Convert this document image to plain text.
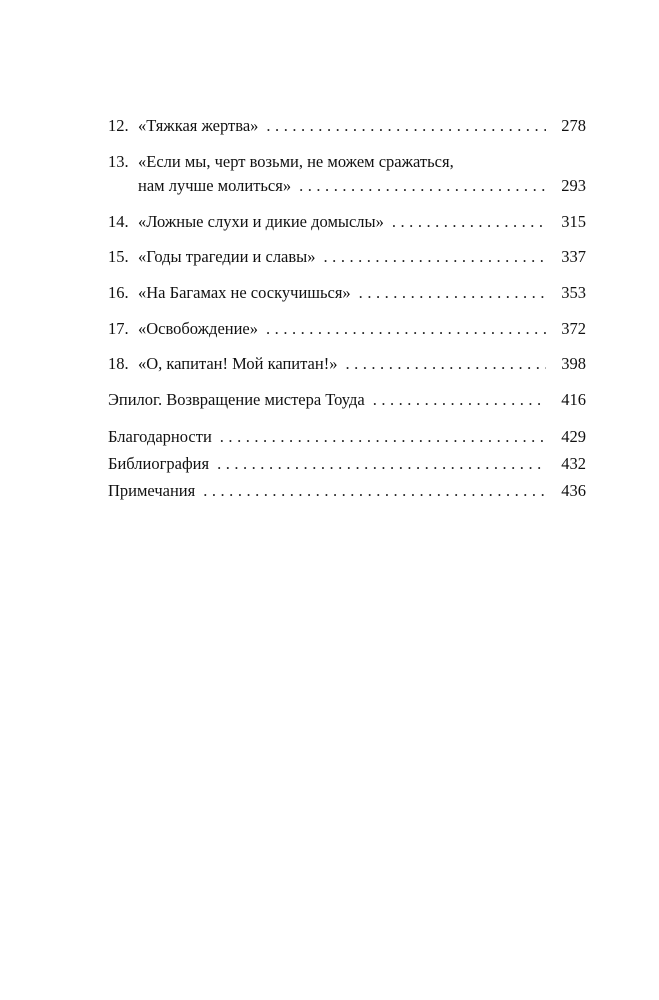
12. «Тяжкая жертва» . . .	278
13. «Если мы, черт возьми, не можем сражаться,
нам лучше молиться» . . .	293
14. «Ложные слухи и дикие домыслы» . . .	315
15. «Годы трагедии и славы» . . .	337
16. «На Багамах не соскучишься» . . .	353
17. «Освобождение» . . .	372
18. «О, капитан! Мой капитан!» . . .	398
Эпилог. Возвращение мистера Тоуда . . .	416
Благодарности . . .	429
Библиография . . .	432
Примечания . . .	436
